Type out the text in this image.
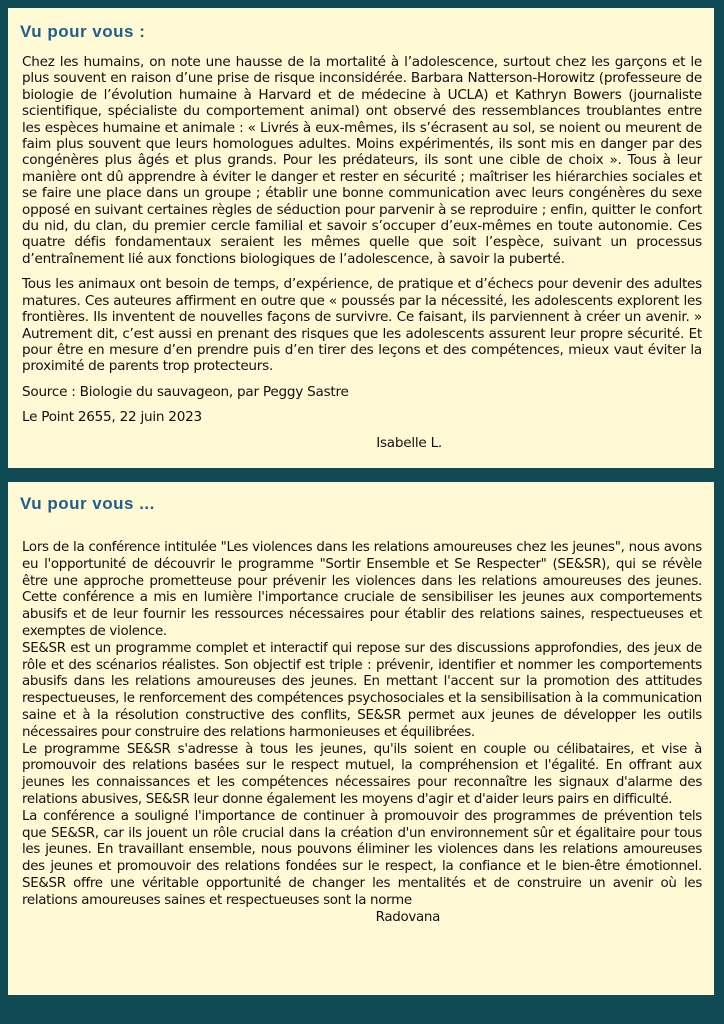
Vu pour vous :

Chez les humains, on note une hausse de la mortalité à l’adolescence, surtout chez les garçons et le plus souvent en raison d’une prise de risque inconsidérée. Barbara Natterson-Horowitz (professeure de biologie de l’évolution humaine à Harvard et de médecine à UCLA) et Kathryn Bowers (journaliste scientifique, spécialiste du comportement animal) ont observé des ressemblances troublantes entre les espèces humaine et animale : « Livrés à eux-mêmes, ils s’écrasent au sol, se noient ou meurent de faim plus souvent que leurs homologues adultes. Moins expérimentés, ils sont mis en danger par des congénères plus âgés et plus grands. Pour les prédateurs, ils sont une cible de choix ». Tous à leur manière ont dû apprendre à éviter le danger et rester en sécurité ; maîtriser les hiérarchies sociales et se faire une place dans un groupe ; établir une bonne communication avec leurs congénères du sexe opposé en suivant certaines règles de séduction pour parvenir à se reproduire ; enfin, quitter le confort du nid, du clan, du premier cercle familial et savoir s’occuper d’eux-mêmes en toute autonomie. Ces quatre défis fondamentaux seraient les mêmes quelle que soit l’espèce, suivant un processus d’entraînement lié aux fonctions biologiques de l’adolescence, à savoir la puberté.

Tous les animaux ont besoin de temps, d’expérience, de pratique et d’échecs pour devenir des adultes matures. Ces auteures affirment en outre que « poussés par la nécessité, les adolescents explorent les frontières. Ils inventent de nouvelles façons de survivre. Ce faisant, ils parviennent à créer un avenir. » Autrement dit, c’est aussi en prenant des risques que les adolescents assurent leur propre sécurité. Et pour être en mesure d’en prendre puis d’en tirer des leçons et des compétences, mieux vaut éviter la proximité de parents trop protecteurs.

Source : Biologie du sauvageon, par Peggy Sastre

Le Point 2655, 22 juin 2023

Isabelle L.

Vu pour vous ...

Lors de la conférence intitulée "Les violences dans les relations amoureuses chez les jeunes", nous avons eu l'opportunité de découvrir le programme "Sortir Ensemble et Se Respecter" (SE&SR), qui se révèle être une approche prometteuse pour prévenir les violences dans les relations amoureuses des jeunes. Cette conférence a mis en lumière l'importance cruciale de sensibiliser les jeunes aux comportements abusifs et de leur fournir les ressources nécessaires pour établir des relations saines, respectueuses et exemptes de violence.

SE&SR est un programme complet et interactif qui repose sur des discussions approfondies, des jeux de rôle et des scénarios réalistes. Son objectif est triple : prévenir, identifier et nommer les comportements abusifs dans les relations amoureuses des jeunes. En mettant l'accent sur la promotion des attitudes respectueuses, le renforcement des compétences psychosociales et la sensibilisation à la communication saine et à la résolution constructive des conflits, SE&SR permet aux jeunes de développer les outils nécessaires pour construire des relations harmonieuses et équilibrées.

Le programme SE&SR s'adresse à tous les jeunes, qu'ils soient en couple ou célibataires, et vise à promouvoir des relations basées sur le respect mutuel, la compréhension et l'égalité. En offrant aux jeunes les connaissances et les compétences nécessaires pour reconnaître les signaux d'alarme des relations abusives, SE&SR leur donne également les moyens d'agir et d'aider leurs pairs en difficulté.

La conférence a souligné l'importance de continuer à promouvoir des programmes de prévention tels que SE&SR, car ils jouent un rôle crucial dans la création d'un environnement sûr et égalitaire pour tous les jeunes. En travaillant ensemble, nous pouvons éliminer les violences dans les relations amoureuses des jeunes et promouvoir des relations fondées sur le respect, la confiance et le bien-être émotionnel. SE&SR offre une véritable opportunité de changer les mentalités et de construire un avenir où les relations amoureuses saines et respectueuses sont la norme

Radovana
